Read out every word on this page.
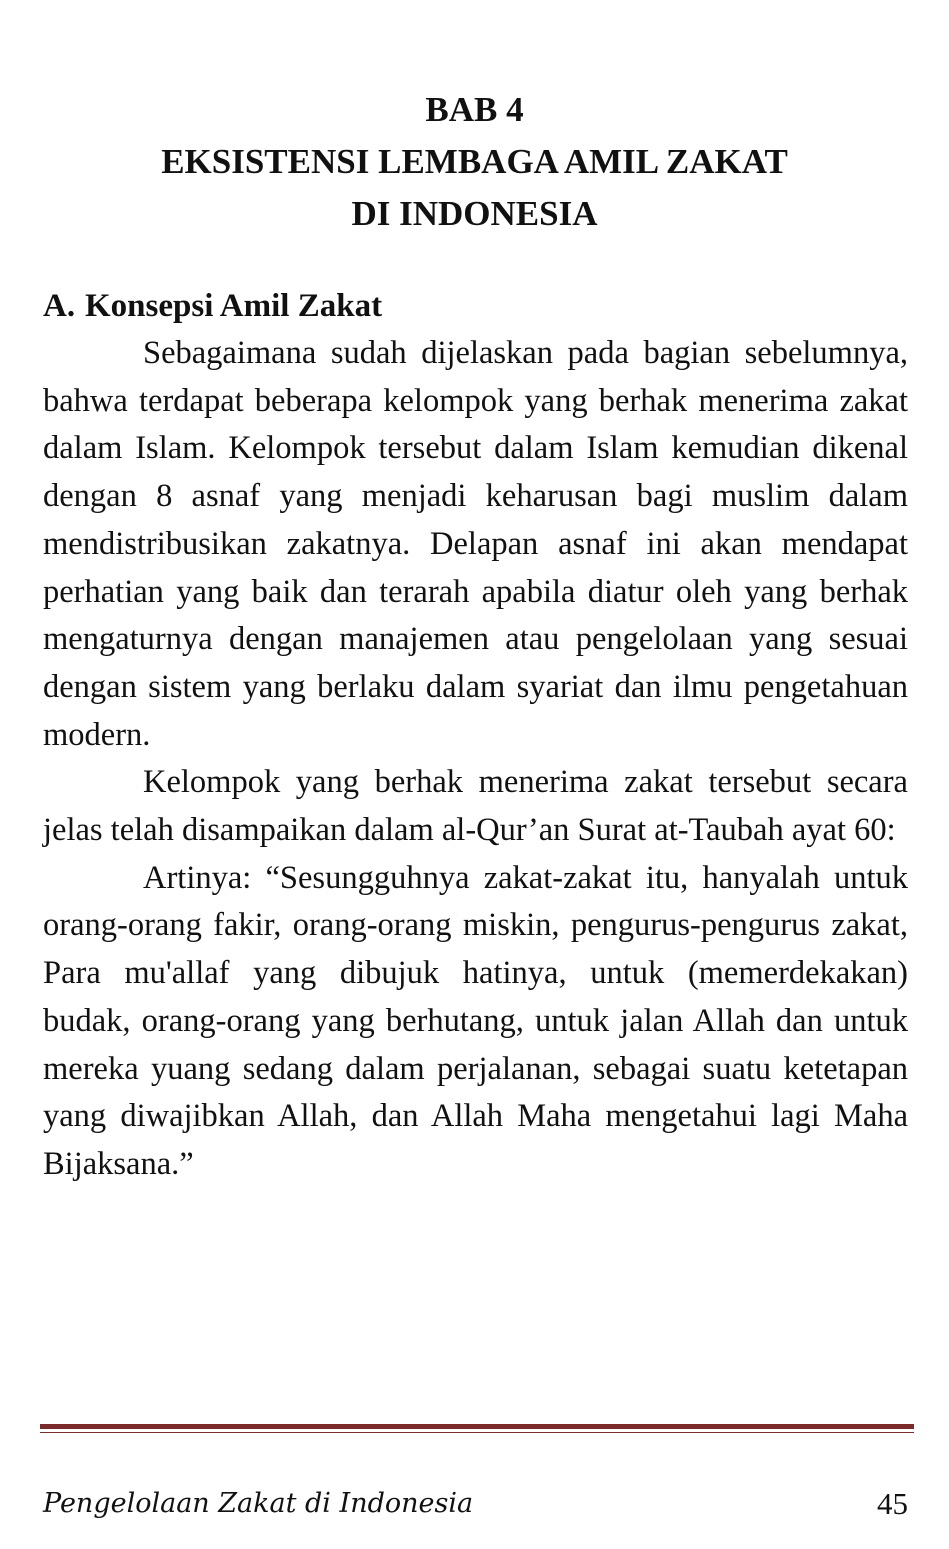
BAB 4
EKSISTENSI LEMBAGA AMIL ZAKAT
DI INDONESIA
A. Konsepsi Amil Zakat

Sebagaimana sudah dijelaskan pada bagian sebelumnya, bahwa terdapat beberapa kelompok yang berhak menerima zakat dalam Islam. Kelompok tersebut dalam Islam kemudian dikenal dengan 8 asnaf yang menjadi keharusan bagi muslim dalam mendistribusikan zakatnya. Delapan asnaf ini akan mendapat perhatian yang baik dan terarah apabila diatur oleh yang berhak mengaturnya dengan manajemen atau pengelolaan yang sesuai dengan sistem yang berlaku dalam syariat dan ilmu pengetahuan modern.

Kelompok yang berhak menerima zakat tersebut secara jelas telah disampaikan dalam al-Qur’an Surat at-Taubah ayat 60:

Artinya: “Sesungguhnya zakat-zakat itu, hanyalah untuk orang-orang fakir, orang-orang miskin, pengurus-pengurus zakat, Para mu'allaf yang dibujuk hatinya, untuk (memerdekakan) budak, orang-orang yang berhutang, untuk jalan Allah dan untuk mereka yuang sedang dalam perjalanan, sebagai suatu ketetapan yang diwajibkan Allah, dan Allah Maha mengetahui lagi Maha Bijaksana.”

Pengelolaan Zakat di Indonesia	45
